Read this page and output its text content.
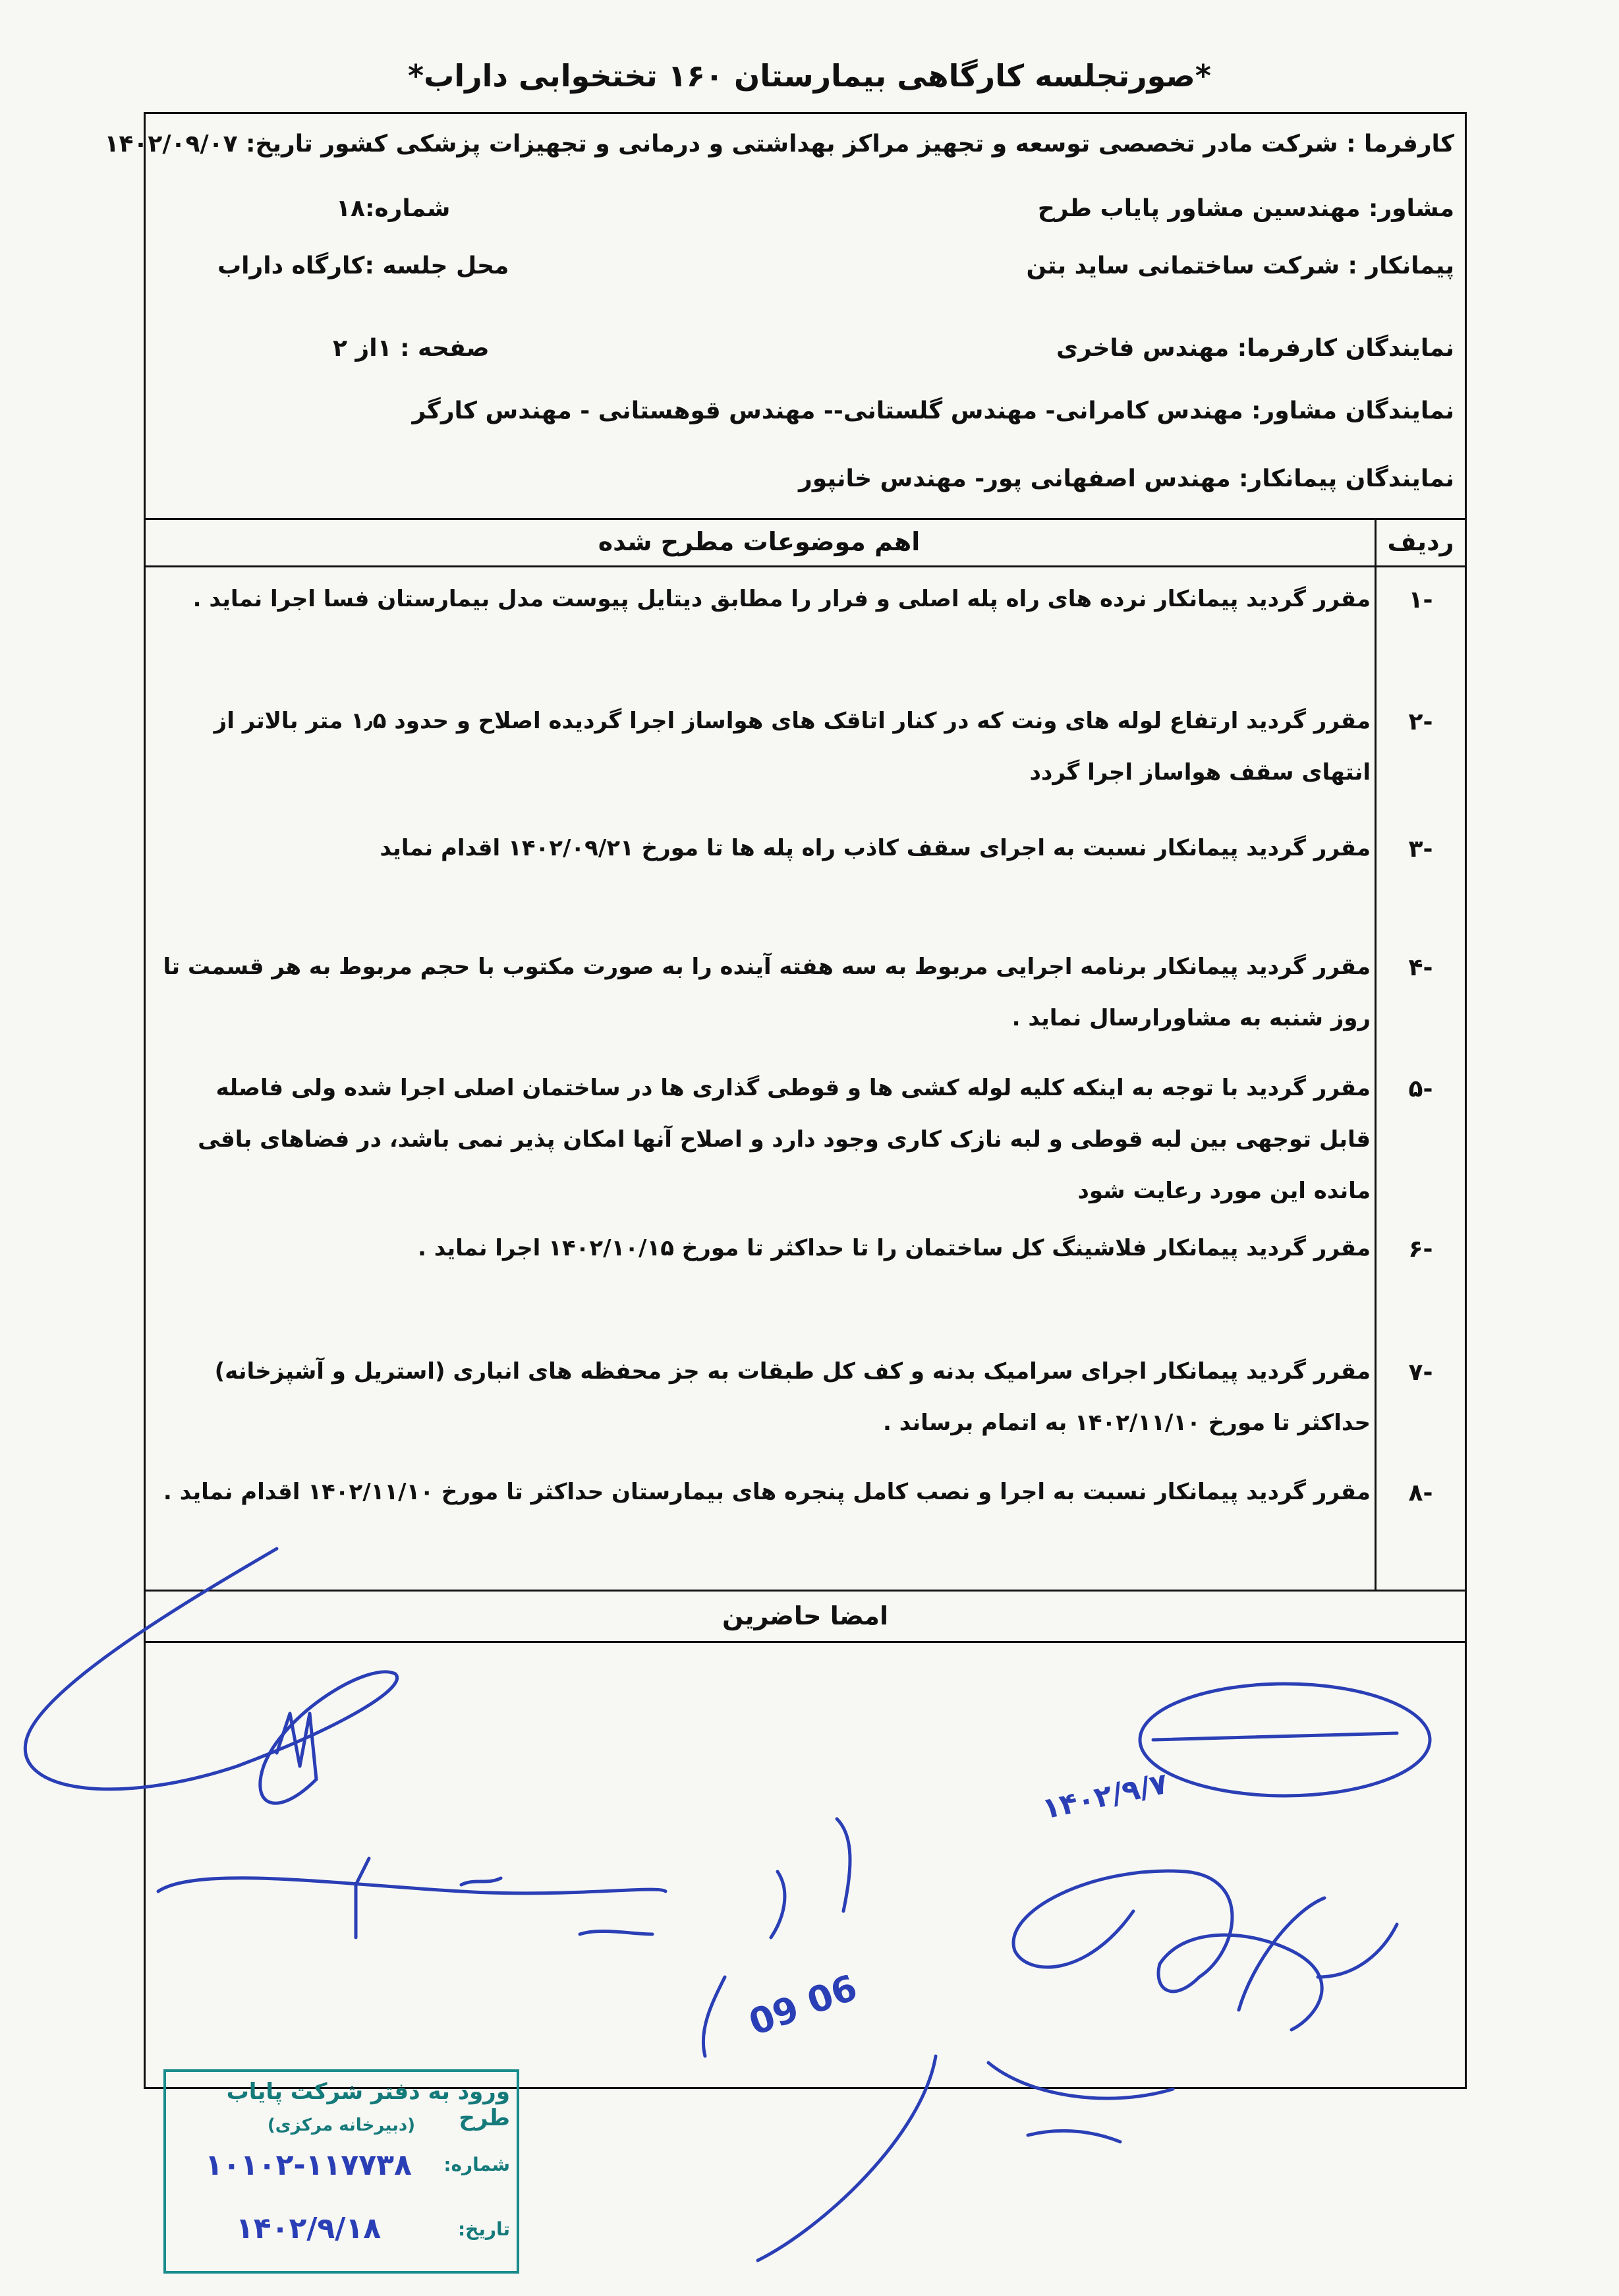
*صورتجلسه کارگاهی بیمارستان ۱۶۰ تختخوابی داراب*
کارفرما : شرکت مادر تخصصی توسعه و تجهیز مراکز بهداشتی و درمانی و تجهیزات پزشکی کشور تاریخ: ۱۴۰۲/۰۹/۰۷
مشاور: مهندسین مشاور پایاب طرح
شماره:۱۸
پیمانکار : شرکت ساختمانی ساید بتن
محل جلسه :کارگاه داراب
نمایندگان کارفرما: مهندس فاخری
صفحه : ۱از ۲
نمایندگان مشاور: مهندس کامرانی- مهندس گلستانی-- مهندس قوهستانی - مهندس کارگر
نمایندگان پیمانکار: مهندس اصفهانی پور- مهندس خانپور
ردیف
اهم موضوعات مطرح شده
۱-
مقرر گردید پیمانکار نرده های راه پله اصلی و فرار را مطابق دیتایل پیوست مدل بیمارستان فسا اجرا نماید .
۲-
مقرر گردید ارتفاع لوله های ونت که در کنار اتاقک های هواساز اجرا گردیده اصلاح و حدود ۱٫۵ متر بالاتر از انتهای سقف هواساز اجرا گردد
۳-
مقرر گردید پیمانکار نسبت به اجرای سقف کاذب راه پله ها تا مورخ ۱۴۰۲/۰۹/۲۱ اقدام نماید
۴-
مقرر گردید پیمانکار برنامه اجرایی مربوط به سه هفته آینده را به صورت مکتوب با حجم مربوط به هر قسمت تا روز شنبه به مشاورارسال نماید .
۵-
مقرر گردید با توجه به اینکه کلیه لوله کشی ها و قوطی گذاری ها در ساختمان اصلی اجرا شده ولی فاصله قابل توجهی بین لبه قوطی و لبه نازک کاری وجود دارد و اصلاح آنها امکان پذیر نمی باشد، در فضاهای باقی مانده این مورد رعایت شود
۶-
مقرر گردید پیمانکار فلاشینگ کل ساختمان را تا حداکثر تا مورخ ۱۴۰۲/۱۰/۱۵ اجرا نماید .
۷-
مقرر گردید پیمانکار اجرای سرامیک بدنه و کف کل طبقات به جز محفظه های انباری (استریل و آشپزخانه) حداکثر تا مورخ ۱۴۰۲/۱۱/۱۰ به اتمام برساند .
۸-
مقرر گردید پیمانکار نسبت به اجرا و نصب کامل پنجره های بیمارستان حداکثر تا مورخ ۱۴۰۲/۱۱/۱۰ اقدام نماید .
امضا حاضرین
۱۴۰۲/۹/۷
09 06
ورود به دفتر شرکت پایاب طرح
(دبیرخانه مرکزی)
شماره:
۱۰۱۰۲-۱۱۷۷۳۸
تاریخ:
۱۴۰۲/۹/۱۸
